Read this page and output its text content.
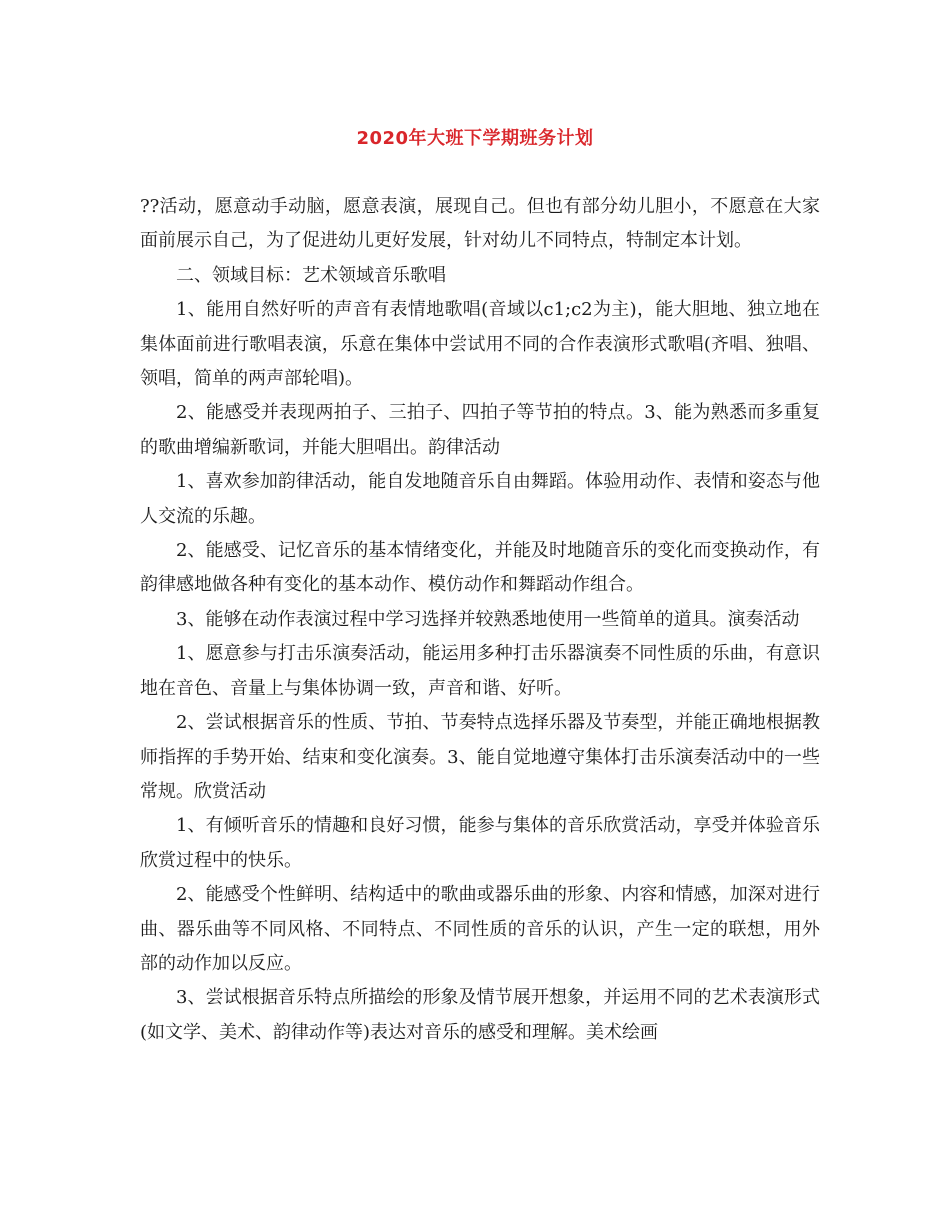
2020年大班下学期班务计划

??活动，愿意动手动脑，愿意表演，展现自己。但也有部分幼儿胆小，不愿意在大家面前展示自己，为了促进幼儿更好发展，针对幼儿不同特点，特制定本计划。

二、领域目标：艺术领域音乐歌唱

1、能用自然好听的声音有表情地歌唱(音域以c1;c2为主)，能大胆地、独立地在集体面前进行歌唱表演，乐意在集体中尝试用不同的合作表演形式歌唱(齐唱、独唱、领唱，简单的两声部轮唱)。

2、能感受并表现两拍子、三拍子、四拍子等节拍的特点。3、能为熟悉而多重复的歌曲增编新歌词，并能大胆唱出。韵律活动

1、喜欢参加韵律活动，能自发地随音乐自由舞蹈。体验用动作、表情和姿态与他人交流的乐趣。

2、能感受、记忆音乐的基本情绪变化，并能及时地随音乐的变化而变换动作，有韵律感地做各种有变化的基本动作、模仿动作和舞蹈动作组合。

3、能够在动作表演过程中学习选择并较熟悉地使用一些简单的道具。演奏活动

1、愿意参与打击乐演奏活动，能运用多种打击乐器演奏不同性质的乐曲，有意识地在音色、音量上与集体协调一致，声音和谐、好听。

2、尝试根据音乐的性质、节拍、节奏特点选择乐器及节奏型，并能正确地根据教师指挥的手势开始、结束和变化演奏。3、能自觉地遵守集体打击乐演奏活动中的一些常规。欣赏活动

1、有倾听音乐的情趣和良好习惯，能参与集体的音乐欣赏活动，享受并体验音乐欣赏过程中的快乐。

2、能感受个性鲜明、结构适中的歌曲或器乐曲的形象、内容和情感，加深对进行曲、器乐曲等不同风格、不同特点、不同性质的音乐的认识，产生一定的联想，用外部的动作加以反应。

3、尝试根据音乐特点所描绘的形象及情节展开想象，并运用不同的艺术表演形式(如文学、美术、韵律动作等)表达对音乐的感受和理解。美术绘画
